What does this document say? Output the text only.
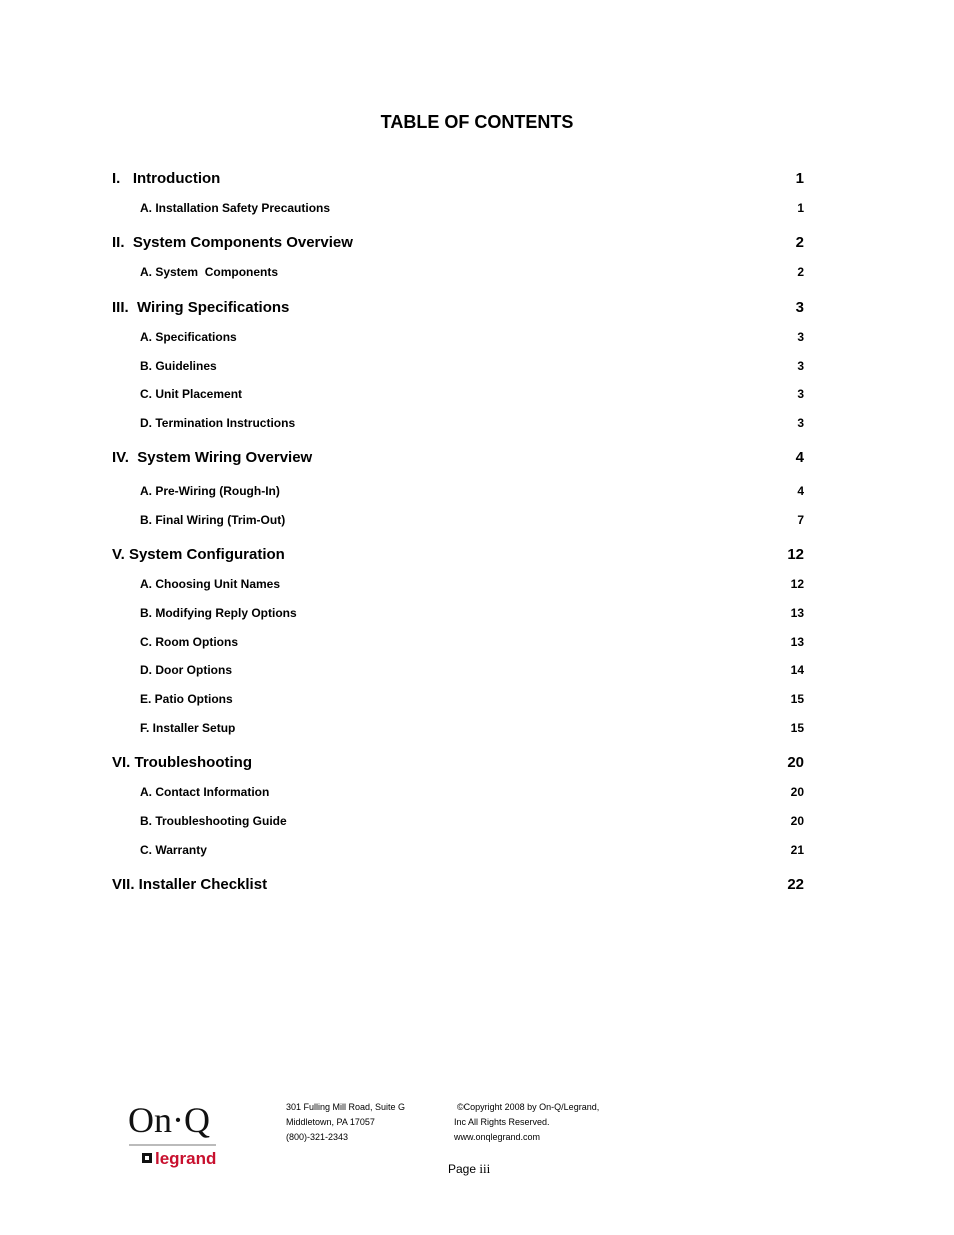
TABLE OF CONTENTS
I.   Introduction	1
A. Installation Safety Precautions	1
II.  System Components Overview	2
A. System  Components	2
III.  Wiring Specifications	3
A. Specifications	3
B. Guidelines	3
C. Unit Placement	3
D. Termination Instructions	3
IV.  System Wiring Overview	4
A. Pre-Wiring (Rough-In)	4
B. Final Wiring (Trim-Out)	7
V. System Configuration	12
A. Choosing Unit Names	12
B. Modifying Reply Options	13
C. Room Options	13
D. Door Options	14
E. Patio Options	15
F. Installer Setup	15
VI. Troubleshooting	20
A. Contact Information	20
B. Troubleshooting Guide	20
C. Warranty	21
VII. Installer Checklist	22
On·Q
legrand
301 Fulling Mill Road, Suite G
Middletown, PA 17057
(800)-321-2343
©Copyright 2008 by On-Q/Legrand,
Inc All Rights Reserved.
www.onqlegrand.com
Page iii
